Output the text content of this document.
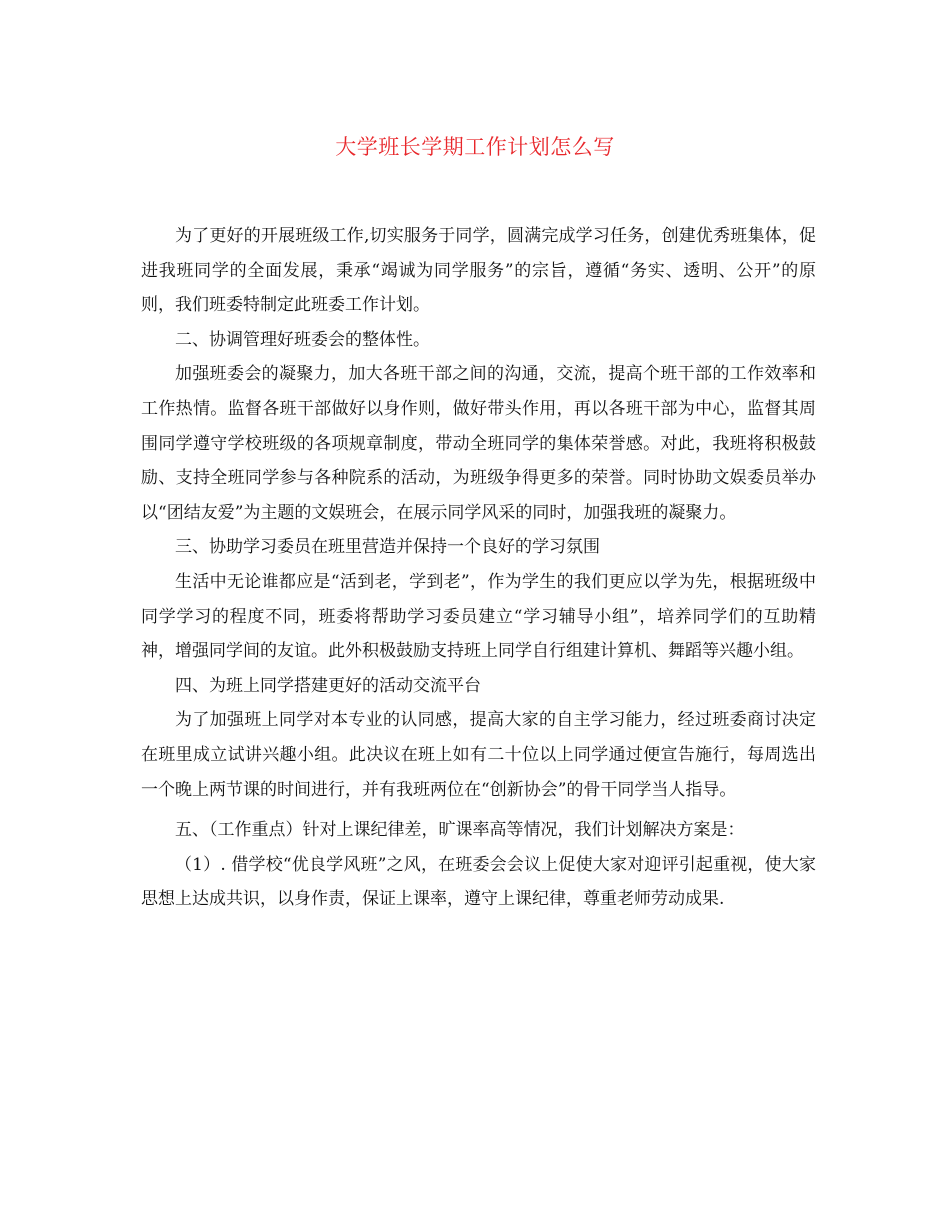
大学班长学期工作计划怎么写

为了更好的开展班级工作,切实服务于同学，圆满完成学习任务，创建优秀班集体，促进我班同学的全面发展，秉承“竭诚为同学服务”的宗旨，遵循“务实、透明、公开”的原则，我们班委特制定此班委工作计划。

二、协调管理好班委会的整体性。

加强班委会的凝聚力，加大各班干部之间的沟通，交流，提高个班干部的工作效率和工作热情。监督各班干部做好以身作则，做好带头作用，再以各班干部为中心，监督其周围同学遵守学校班级的各项规章制度，带动全班同学的集体荣誉感。对此，我班将积极鼓励、支持全班同学参与各种院系的活动，为班级争得更多的荣誉。同时协助文娱委员举办以“团结友爱”为主题的文娱班会，在展示同学风采的同时，加强我班的凝聚力。

三、协助学习委员在班里营造并保持一个良好的学习氛围

生活中无论谁都应是“活到老，学到老”，作为学生的我们更应以学为先，根据班级中同学学习的程度不同，班委将帮助学习委员建立“学习辅导小组”，培养同学们的互助精神，增强同学间的友谊。此外积极鼓励支持班上同学自行组建计算机、舞蹈等兴趣小组。

四、为班上同学搭建更好的活动交流平台

为了加强班上同学对本专业的认同感，提高大家的自主学习能力，经过班委商讨决定在班里成立试讲兴趣小组。此决议在班上如有二十位以上同学通过便宣告施行，每周选出一个晚上两节课的时间进行，并有我班两位在“创新协会”的骨干同学当人指导。

五、（工作重点）针对上课纪律差，旷课率高等情况，我们计划解决方案是：

（1）. 借学校“优良学风班”之风，在班委会会议上促使大家对迎评引起重视，使大家思想上达成共识，以身作责，保证上课率，遵守上课纪律，尊重老师劳动成果.
